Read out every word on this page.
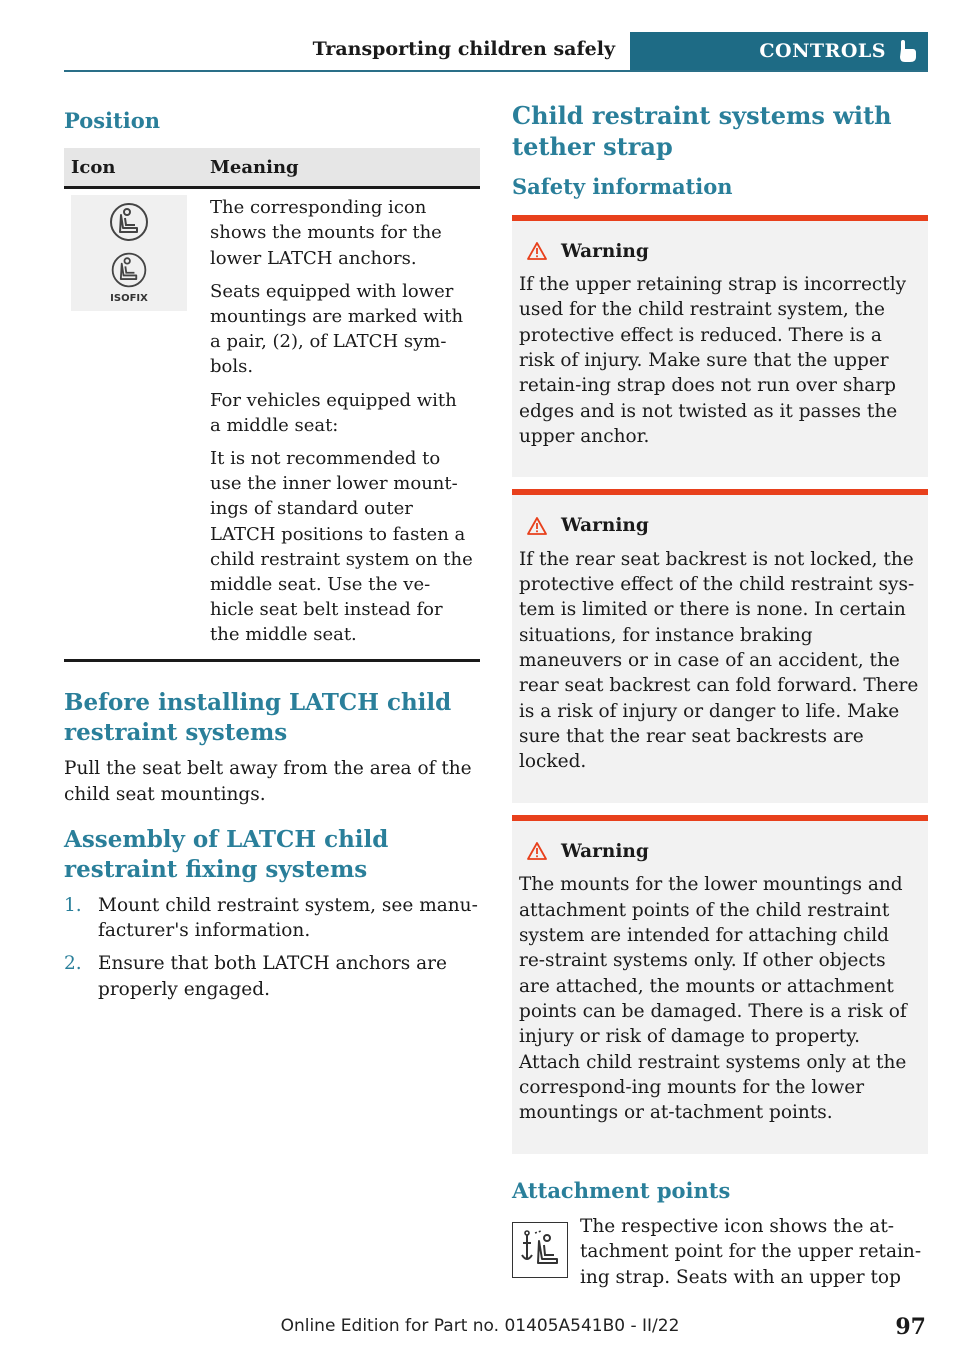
Transporting children safely	CONTROLS
Position
Icon	Meaning

ISOFIX	The corresponding icon shows the mounts for the lower LATCH anchors.

Seats equipped with lower mountings are marked with a pair, (2), of LATCH sym-bols.

For vehicles equipped with a middle seat:

It is not recommended to use the inner lower mount-ings of standard outer LATCH positions to fasten a child restraint system on the middle seat. Use the ve-hicle seat belt instead for the middle seat.

Before installing LATCH child restraint systems

Pull the seat belt away from the area of the child seat mountings.

Assembly of LATCH child restraint fixing systems
1. Mount child restraint system, see manu-facturer's information.
2. Ensure that both LATCH anchors are properly engaged.
Child restraint systems with tether strap
Safety information
Warning
If the upper retaining strap is incorrectly used for the child restraint system, the protective effect is reduced. There is a risk of injury. Make sure that the upper retain-ing strap does not run over sharp edges and is not twisted as it passes the upper anchor.
Warning
If the rear seat backrest is not locked, the protective effect of the child restraint sys-tem is limited or there is none. In certain situations, for instance braking maneuvers or in case of an accident, the rear seat backrest can fold forward. There is a risk of injury or danger to life. Make sure that the rear seat backrests are locked.
Warning
The mounts for the lower mountings and attachment points of the child restraint system are intended for attaching child re-straint systems only. If other objects are attached, the mounts or attachment points can be damaged. There is a risk of injury or risk of damage to property. Attach child restraint systems only at the correspond-ing mounts for the lower mountings or at-tachment points.
Attachment points
The respective icon shows the at-tachment point for the upper retain-ing strap. Seats with an upper top
Online Edition for Part no. 01405A541B0 - II/22	97
